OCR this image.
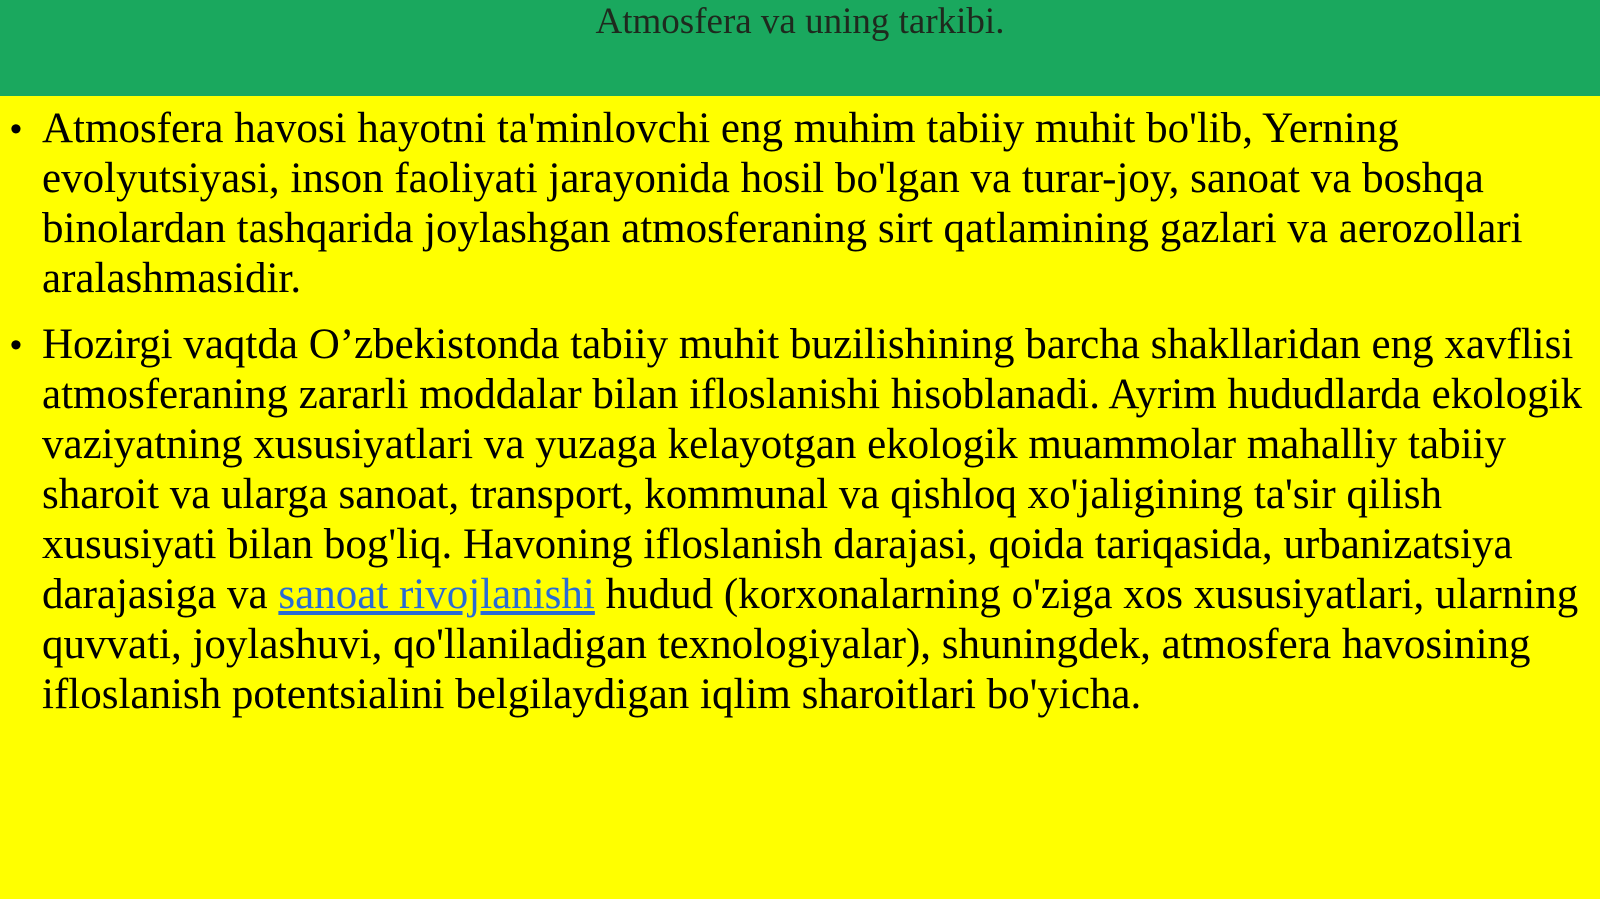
Atmosfera va uning tarkibi.
• Atmosfera havosi hayotni ta'minlovchi eng muhim tabiiy muhit bo'lib, Yerning evolyutsiyasi, inson faoliyati jarayonida hosil bo'lgan va turar-joy, sanoat va boshqa binolardan tashqarida joylashgan atmosferaning sirt qatlamining gazlari va aerozollari aralashmasidir.
• Hozirgi vaqtda O’zbekistonda tabiiy muhit buzilishining barcha shakllaridan eng xavflisi atmosferaning zararli moddalar bilan ifloslanishi hisoblanadi. Ayrim hududlarda ekologik vaziyatning xususiyatlari va yuzaga kelayotgan ekologik muammolar mahalliy tabiiy sharoit va ularga sanoat, transport, kommunal va qishloq xo'jaligining ta'sir qilish xususiyati bilan bog'liq. Havoning ifloslanish darajasi, qoida tariqasida, urbanizatsiya darajasiga va sanoat rivojlanishi hudud (korxonalarning o'ziga xos xususiyatlari, ularning quvvati, joylashuvi, qo'llaniladigan texnologiyalar), shuningdek, atmosfera havosining ifloslanish potentsialini belgilaydigan iqlim sharoitlari bo'yicha.
